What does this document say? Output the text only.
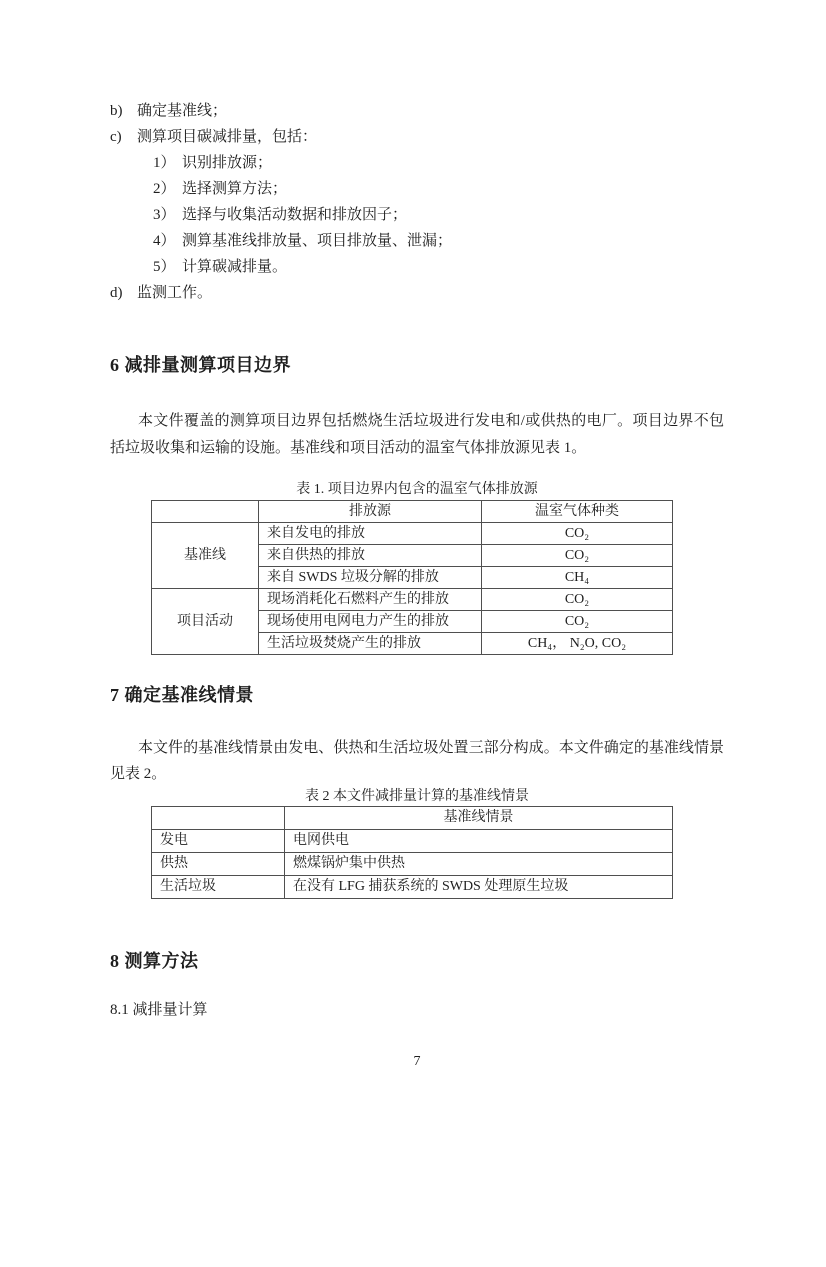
b) 确定基准线；
c) 测算项目碳减排量，包括：
1） 识别排放源；
2） 选择测算方法；
3） 选择与收集活动数据和排放因子；
4） 测算基准线排放量、项目排放量、泄漏；
5） 计算碳减排量。
d) 监测工作。
6 减排量测算项目边界

本文件覆盖的测算项目边界包括燃烧生活垃圾进行发电和/或供热的电厂。项目边界不包括垃圾收集和运输的设施。基准线和项目活动的温室气体排放源见表 1。

表 1. 项目边界内包含的温室气体排放源

	排放源	温室气体种类
基准线	来自发电的排放	CO₂
	来自供热的排放	CO₂
	来自 SWDS 垃圾分解的排放	CH₄
项目活动	现场消耗化石燃料产生的排放	CO₂
	现场使用电网电力产生的排放	CO₂
	生活垃圾焚烧产生的排放	CH₄， N₂O, CO₂
7 确定基准线情景

本文件的基准线情景由发电、供热和生活垃圾处置三部分构成。本文件确定的基准线情景见表 2。

表 2 本文件减排量计算的基准线情景

	基准线情景
发电	电网供电
供热	燃煤锅炉集中供热
生活垃圾	在没有 LFG 捕获系统的 SWDS 处理原生垃圾
8 测算方法
8.1 减排量计算
7
